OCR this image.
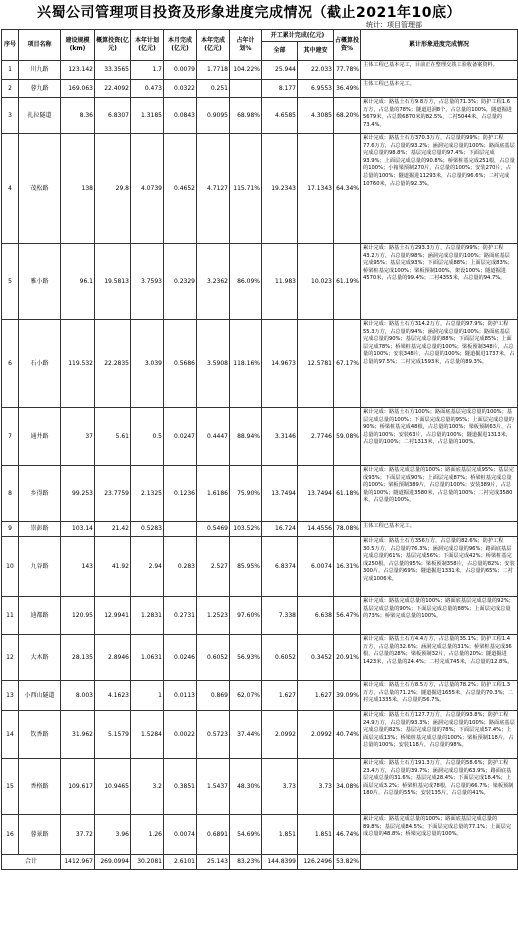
兴蜀公司管理项目投资及形象进度完成情况（截止2021年10底）
统计：项目管理部
序号	项目名称	建设规模(km)	概算投资(亿元)	本年计划(亿元)	本月完成(亿元)	本年完成(亿元)	占年计划%	开工累计完成(亿元)		占概算投资%	累计形象进度完成情况
								全部	其中建安		
1	川九路	123.142	33.3565	1.7	0.0079	1.7718	104.22%	25.944	22.033	77.78%	主体工程已基本完工，目前正在整理交竣工验收备案资料。
2	蓉九路	169.063	22.4092	0.473	0.0322	0.251		8.177	6.9553	36.49%	主体工程已基本完工。
3	扎拉隧道	8.36	6.8307	1.3185	0.0843	0.9095	68.98%	4.6585	4.3085	68.20%	累计完成：路基土石方9.8万方，占总量的71.3%；防护工程1.6万方，占总量的78%；隧道进洞8个，占总量的100%，隧道掘进5679米，占总数6870米的82.5%，二衬5044米，占总量的73.4%。
4	茂松路	138	29.8	4.0739	0.4652	4.7127	115.71%	19.2343	17.1343	64.34%	累计完成：路基土石方370.3万方，占总量的99%；防护工程77.6万方，占总量的93.2%；涵洞完成总量的100%；路面底基层完成总量的98.8%；基层完成总量的97.4%；下面层完成93.9%；上面层完成总量的90.8%；桥梁桩基完成251根，占总量的100%；小箱梁预制270片，占总量的100%；安装270片，占总量的100%；隧道掘进11293米，占总量的96.6%；二衬完成10760米，占总量的92.3%。
5	雅小路	96.1	19.5813	3.7593	0.2329	3.2362	86.09%	11.983	10.023	61.19%	累计完成：路基土石方293.3万方，占总量的99%；防护工程43.2万方，占总量的98%；涵洞完成总量的100%；路面底基层完成95%；基层完成93%；下面层完成88%；上面层完成83%；桥梁桩基完成100%；梁板预制100%，架设100%；隧道掘进4570米，占总量的99.4%；二衬4355米，占总量的94.7%。
6	石小路	119.532	22.2835	3.039	0.5686	3.5908	118.16%	14.9673	12.5781	67.17%	累计完成：路基土石方314.2万方，占总量的97.9%；防护工程55.3万方，占总量的94%；涵洞完成总量的100%；路面底基层完成总量的90%；基层完成总量的88%；下面层完成85%；上面层完成78%；桥梁桩基完成总量的100%；梁板预制348片，占总量的100%；安装348片，占总量的100%；隧道掘进1737米，占总量的97.5%；二衬完成1593米，占总量的89.3%。
7	通井路	37	5.61	0.5	0.0247	0.4447	88.94%	3.3146	2.7746	59.08%	累计完成：路基土石方100%；路面底基层完成总量的100%；基层完成总量的100%；下面层完成总量的95%；上面层完成总量的90%；桥梁桩基完成48根，占总量的100%；梁板预制63片，占总量的100%；安装63片，占总量的100%；隧道掘进1313米，占总量的100%；二衬1313米，占总量的100%。
8	乡得路	99.253	23.7759	2.1325	0.1236	1.6186	75.90%	13.7494	13.7494	61.18%	累计完成：路基完成总量的100%；路面底基层完成95%；基层完成93%；下面层完成90%；上面层完成87%；桥梁桩基完成总量的100%；梁板预制389片，占总量的100%；安装389片，占总量的100%；隧道掘进3580米，占总量的100%；二衬完成3580米，占总量的100%。
9	崇彭路	103.14	21.42	0.5283		0.5469	103.52%	16.724	14.4556	78.08%	主体工程已基本完工。
10	九谷路	143	41.92	2.94	0.283	2.527	85.95%	6.8374	6.0074	16.31%	累计完成：路基土石方356万方，占总量的82.6%；防护工程30.5万方，占总量的76.3%；涵洞完成总量的96%；路面底基层完成总量的61%；基层完成56%；下面层完成42%；桥梁桩基完成250根，占总量的95%；梁板预制358片，占总量的82%；安装300片，占总量的69%；隧道掘进1331米，占总量的65%；二衬完成1006米。
11	迪都路	120.95	12.9941	1.2831	0.2731	1.2523	97.60%	7.338	6.638	56.47%	累计完成：路基完成总量的100%；路面底基层完成总量的92%；基层完成总量的90%；下面层完成总量的88%；上面层完成总量的73%；桥梁完成总量的100%。
12	大木路	28.135	2.8946	1.0631	0.0246	0.6052	56.93%	0.6052	0.3452	20.91%	累计完成：路基土石方4.4万方，占总量的35.1%；防护工程1.4万方，占总量的32.6%；涵洞完成总量的31%；桥梁桩基完成36根，占总量的28%；梁板预制32片，占总量的20%；隧道掘进1423米，占总量的24.4%；二衬完成745米，占总量的12.8%。
13	小西山隧道	8.003	4.1623	1	0.0113	0.869	62.07%	1.627	1.627	39.09%	累计完成：路基土石方8.5万方，占总量的78.2%；防护工程1.3万方，占总量的71.2%；隧道掘进1655米，占总量的70.3%；二衬完成1335米，占总量的56.7%。
14	钦香路	31.962	5.1579	1.5284	0.0022	0.5723	37.44%	2.0992	2.0992	40.74%	累计完成：路基土石方127.7万方，占总量的93.8%；防护工程24.9万方，占总量的93.3%；涵洞完成总量的100%；路面底基层完成总量的82%；基层完成总量的78%；下面层完成57.4%；上面层完成13%；桥梁桩基完成总量的100%；梁板预制118片，占总量的100%；安装118片，占总量的98%。
15	香格路	109.617	10.9465	3.2	0.3851	1.5437	48.30%	3.73	3.73	34.08%	累计完成：路基土石方191.3万方，占总量的58.6%；防护工程23.4万方，占总量的39.7%；涵洞完成总量的63.9%；路面底基层完成总量的31.6%；基层完成28.4%；下面层完成18.4%；上面层完成3.2%；桥梁桩基完成78根，占总量的66.7%；梁板预制180片，占总量的55%；安装135片，占总量的41%。
16	蓉景路	37.72	3.96	1.26	0.0074	0.6891	54.69%	1.851	1.851	46.74%	累计完成：路基完成总量的100%；路面底基层完成总量的89.8%；基层完成84.5%；下面层完成总量的77.1%；上面层完成总量的48.8%；桥梁完成总量的100%。
合计		1412.967	269.0994	30.2081	2.6101	25.143	83.23%	144.8399	126.2496	53.82%	
